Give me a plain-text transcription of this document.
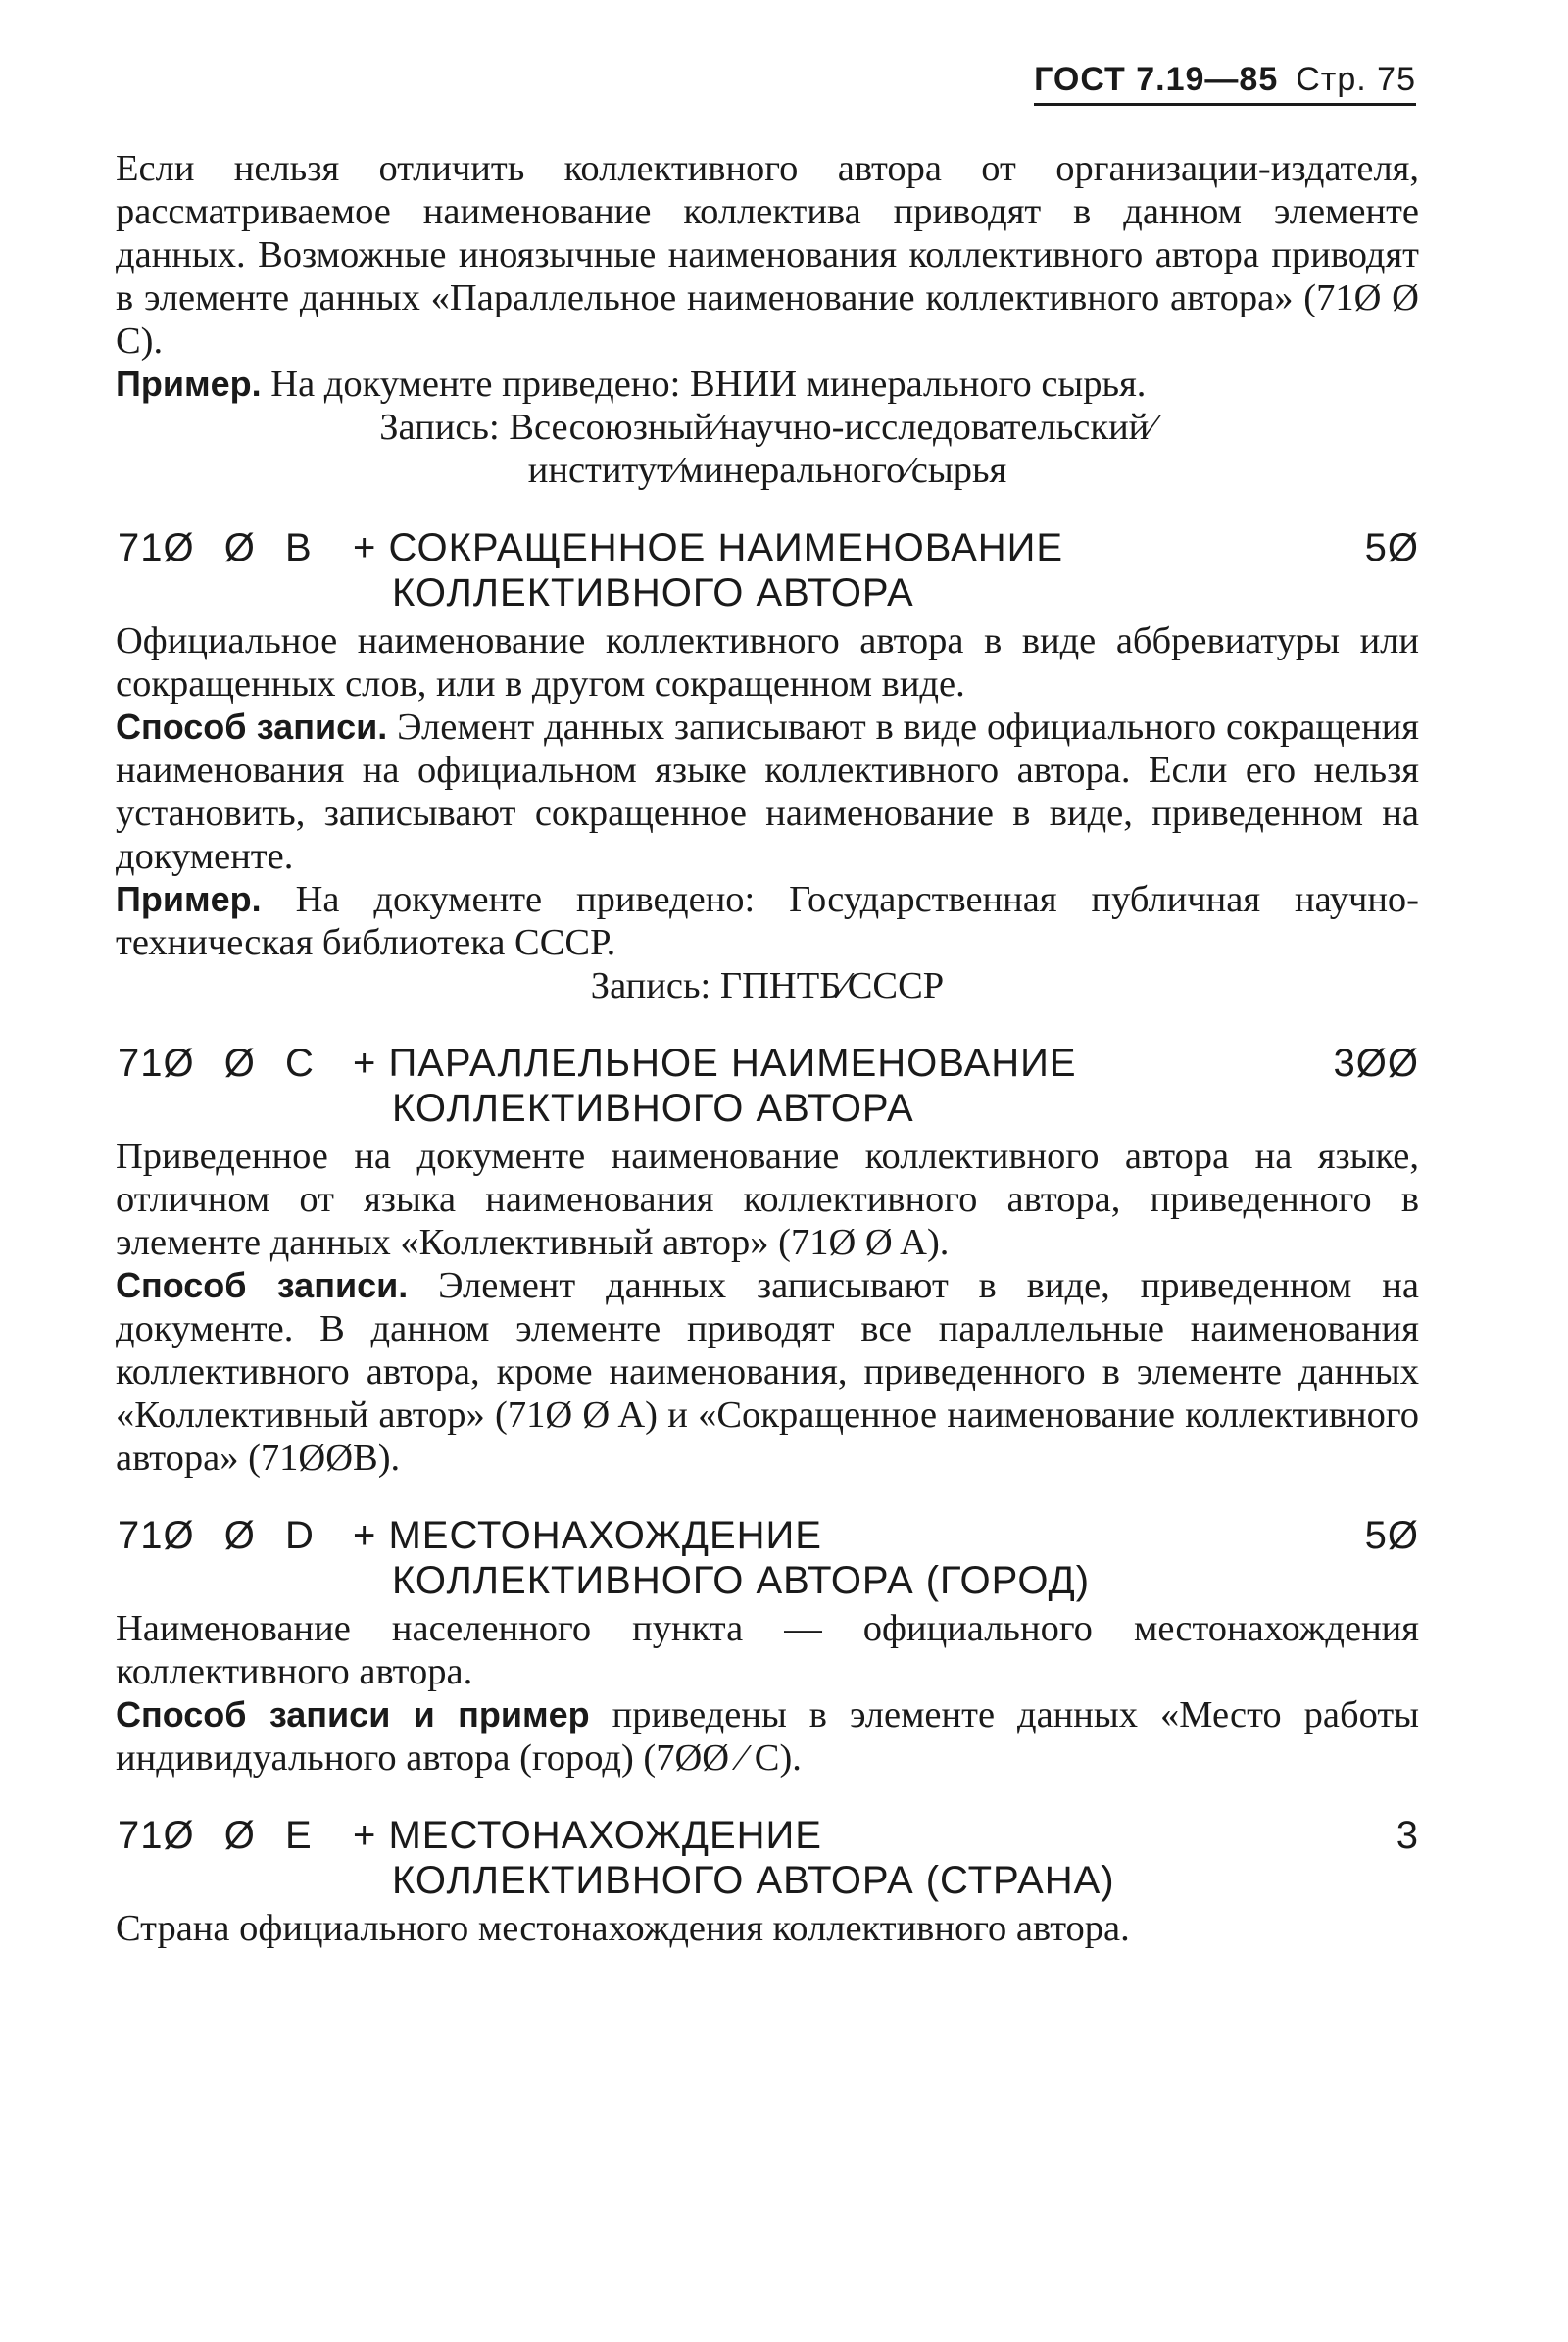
ГОСТ 7.19—85 Стр. 75

Если нельзя отличить коллективного автора от организации-издателя, рассматриваемое наименование коллектива приводят в данном элементе данных. Возможные иноязычные наименования коллективного автора приводят в элементе данных «Параллельное наименование коллективного автора» (71Ø Ø C).

Пример. На документе приведено: ВНИИ минерального сырья.

Запись: Всесоюзный⁄научно-исследовательский⁄

институт⁄минерального⁄сырья

71Ø Ø B	+ СОКРАЩЕННОЕ НАИМЕНОВАНИЕ
КОЛЛЕКТИВНОГО АВТОРА
5Ø

Официальное наименование коллективного автора в виде аббревиатуры или сокращенных слов, или в другом сокращенном виде.

Способ записи. Элемент данных записывают в виде официального сокращения наименования на официальном языке коллективного автора. Если его нельзя установить, записывают сокращенное наименование в виде, приведенном на документе.

Пример. На документе приведено: Государственная публичная научно-техническая библиотека СССР.

Запись: ГПНТБ⁄СССР

71Ø Ø C + ПАРАЛЛЕЛЬНОЕ НАИМЕНОВАНИЕ
КОЛЛЕКТИВНОГО АВТОРА
3ØØ

Приведенное на документе наименование коллективного автора на языке, отличном от языка наименования коллективного автора, приведенного в элементе данных «Коллективный автор» (71Ø Ø A).

Способ записи. Элемент данных записывают в виде, приведенном на документе. В данном элементе приводят все параллельные наименования коллективного автора, кроме наименования, приведенного в элементе данных «Коллективный автор» (71Ø Ø A) и «Сокращенное наименование коллективного автора» (71ØØB).

71Ø Ø D + МЕСТОНАХОЖДЕНИЕ
КОЛЛЕКТИВНОГО АВТОРА (ГОРОД)
5Ø

Наименование населенного пункта — официального местонахождения коллективного автора.

Способ записи и пример приведены в элементе данных «Место работы индивидуального автора (город) (7ØØ ⁄ C).

71Ø Ø E	+ МЕСТОНАХОЖДЕНИЕ
КОЛЛЕКТИВНОГО АВТОРА (СТРАНА)
3

Страна официального местонахождения коллективного автора.
